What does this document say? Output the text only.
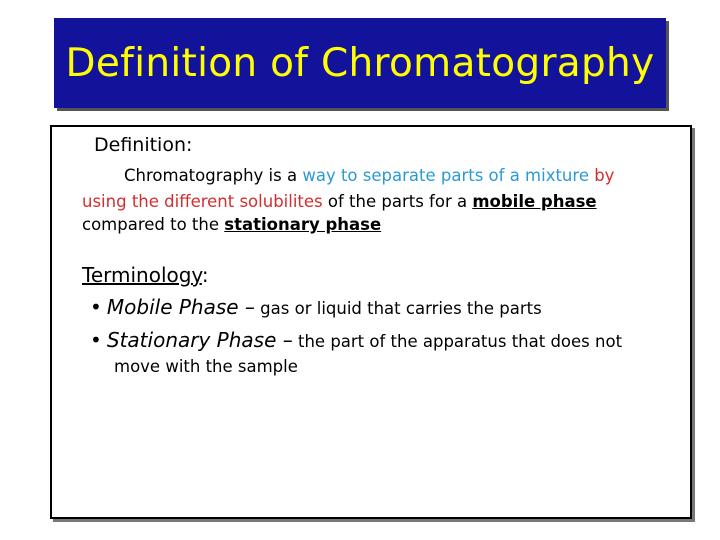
Definition of Chromatography
Definition:
Chromatography is a way to separate parts of a mixture by
using the different solubilites of the parts for a mobile phase
compared to the stationary phase
Terminology:
• Mobile Phase – gas or liquid that carries the parts
• Stationary Phase – the part of the apparatus that does not
move with the sample
